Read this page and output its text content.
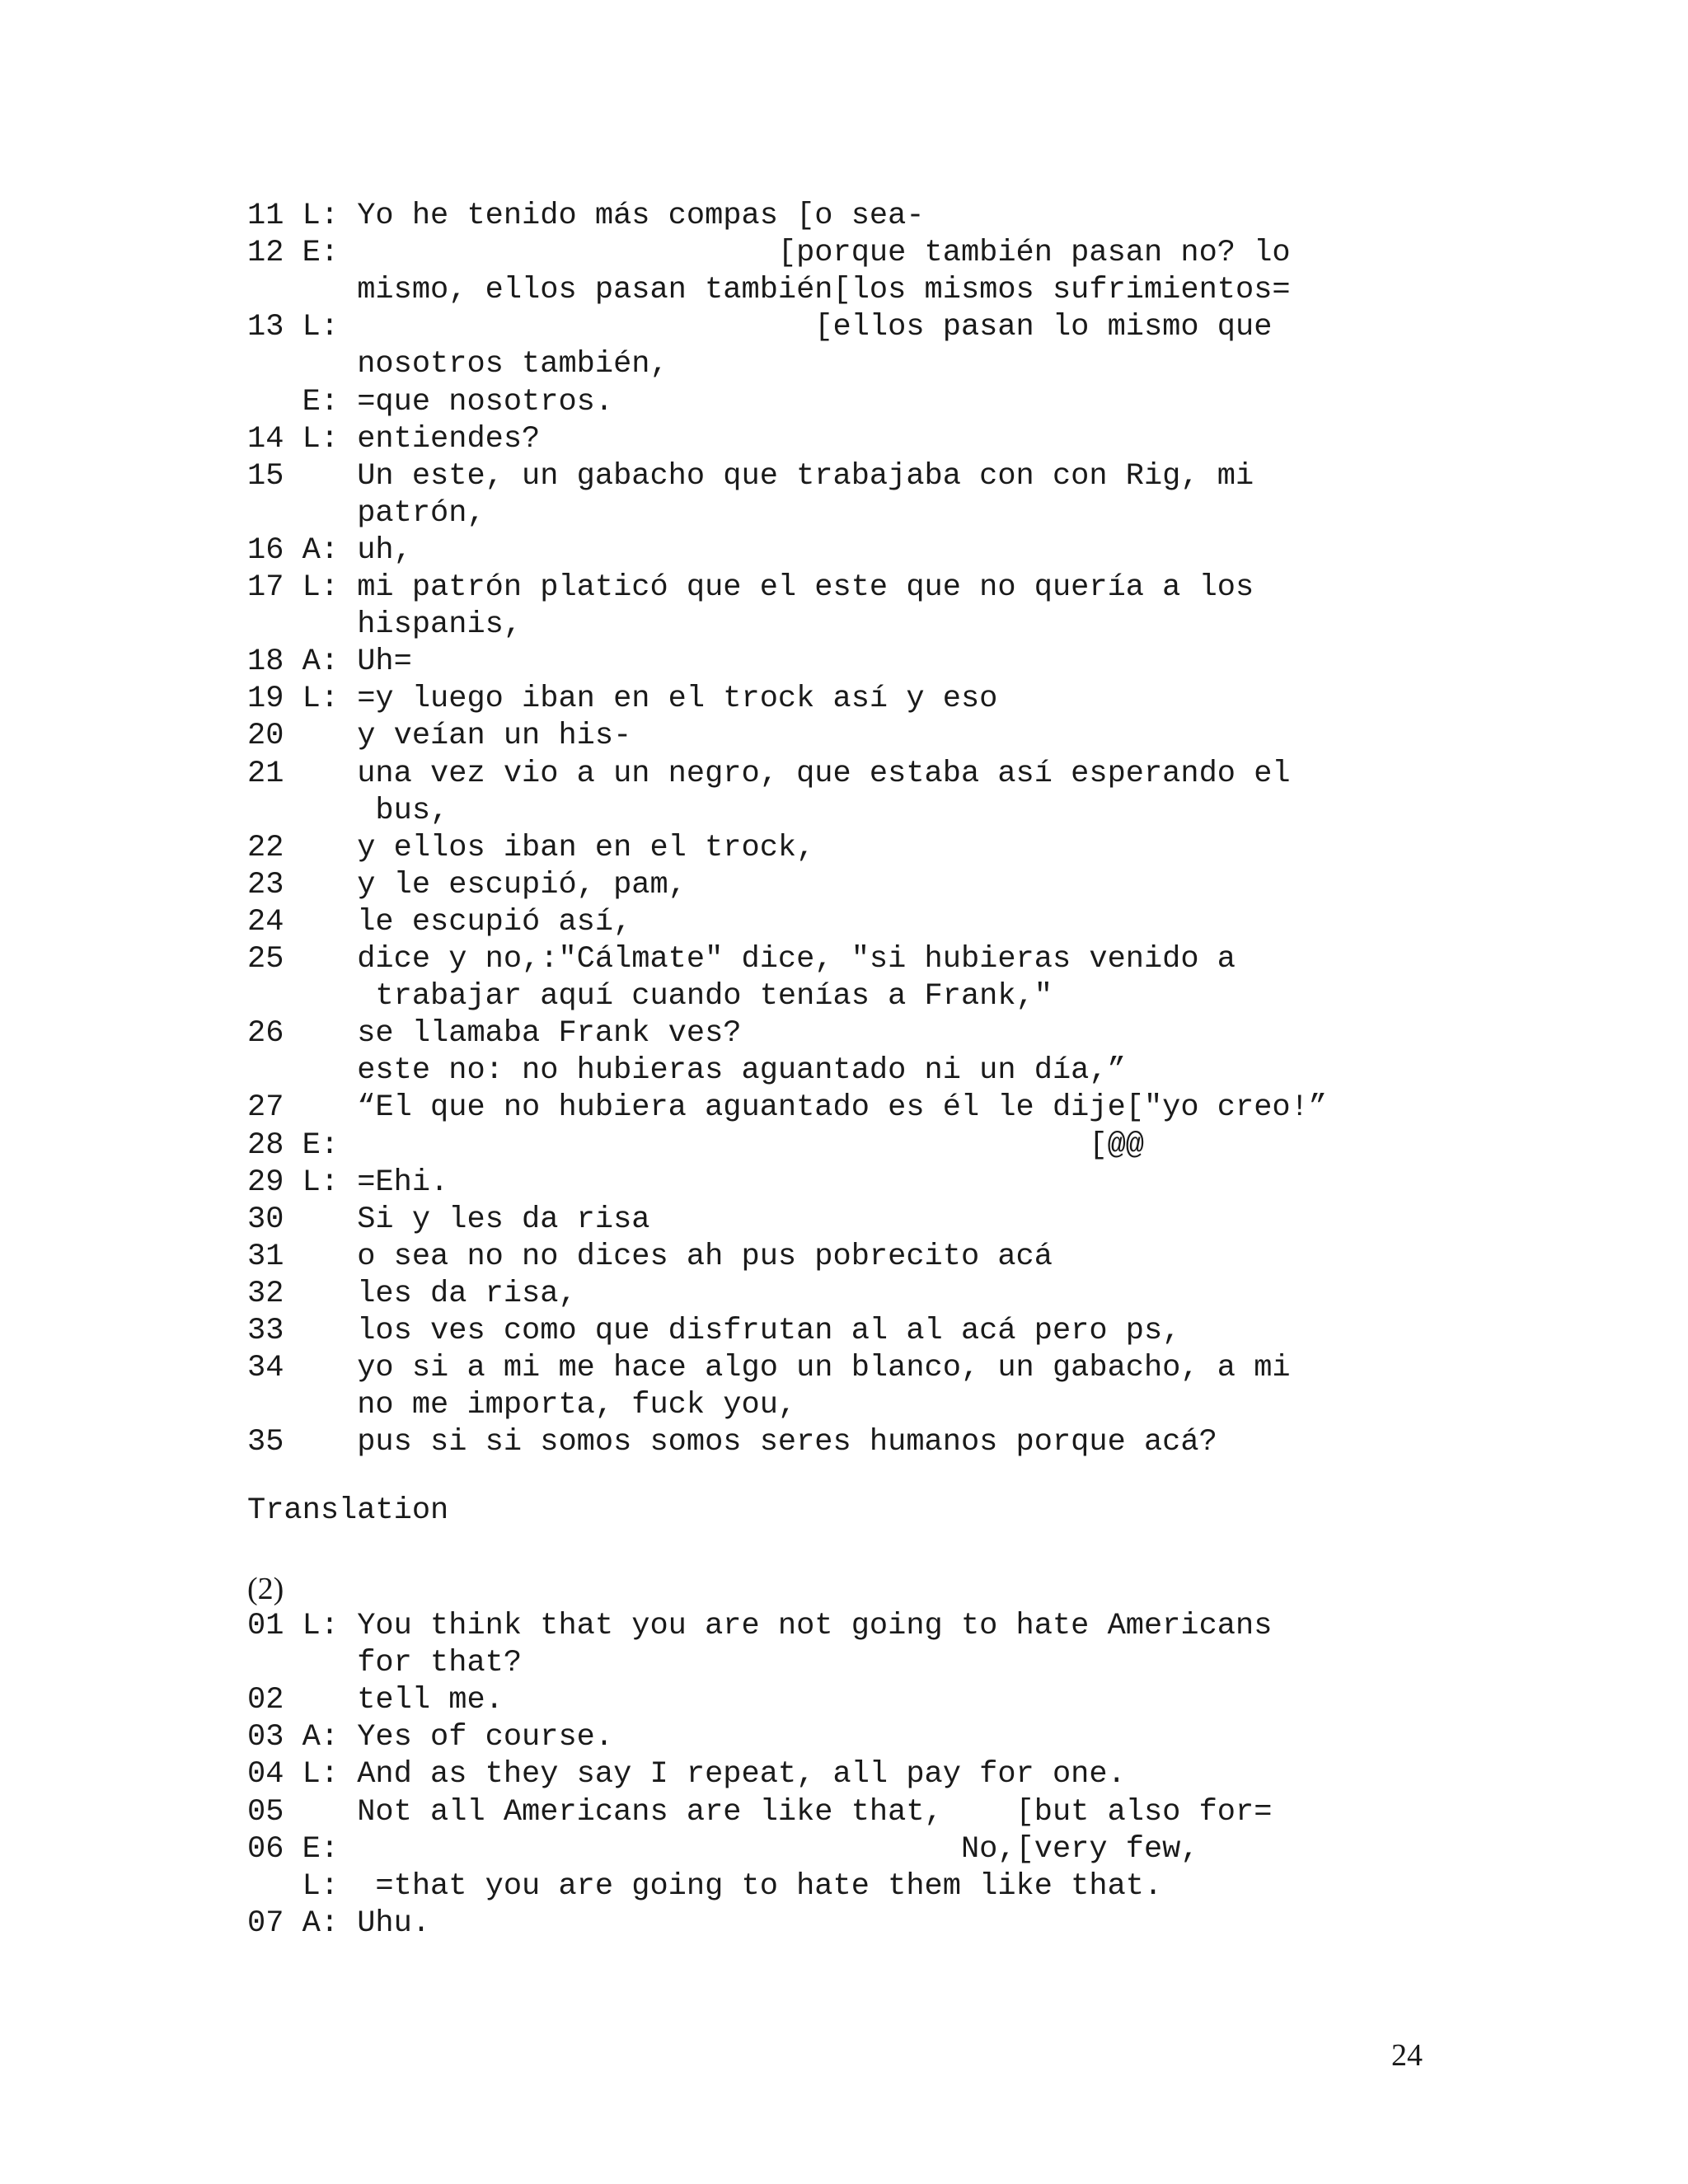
11 L: Yo he tenido más compas [o sea-

12 E:                        [porque también pasan no? lo

mismo, ellos pasan también[los mismos sufrimientos=

13 L:                          [ellos pasan lo mismo que

nosotros también,

E: =que nosotros.

14 L: entiendes?

15    Un este, un gabacho que trabajaba con con Rig, mi

patrón,

16 A: uh,

17 L: mi patrón platicó que el este que no quería a los

hispanis,

18 A: Uh=

19 L: =y luego iban en el trock así y eso

20    y veían un his-

21    una vez vio a un negro, que estaba así esperando el

bus,

22    y ellos iban en el trock,

23    y le escupió, pam,

24    le escupió así,

25    dice y no,:"Cálmate" dice, "si hubieras venido a

trabajar aquí cuando tenías a Frank,"

26    se llamaba Frank ves?

este no: no hubieras aguantado ni un día,”

27    “El que no hubiera aguantado es él le dije["yo creo!”

28 E:                                         [@@

29 L: =Ehi.

30    Si y les da risa

31    o sea no no dices ah pus pobrecito acá

32    les da risa,

33    los ves como que disfrutan al al acá pero ps,

34    yo si a mi me hace algo un blanco, un gabacho, a mi

no me importa, fuck you,

35    pus si si somos somos seres humanos porque acá?

Translation

(2)

01 L: You think that you are not going to hate Americans

for that?

02    tell me.

03 A: Yes of course.

04 L: And as they say I repeat, all pay for one.

05    Not all Americans are like that,    [but also for=

06 E:                                  No,[very few,

L:  =that you are going to hate them like that.

07 A: Uhu.

24
